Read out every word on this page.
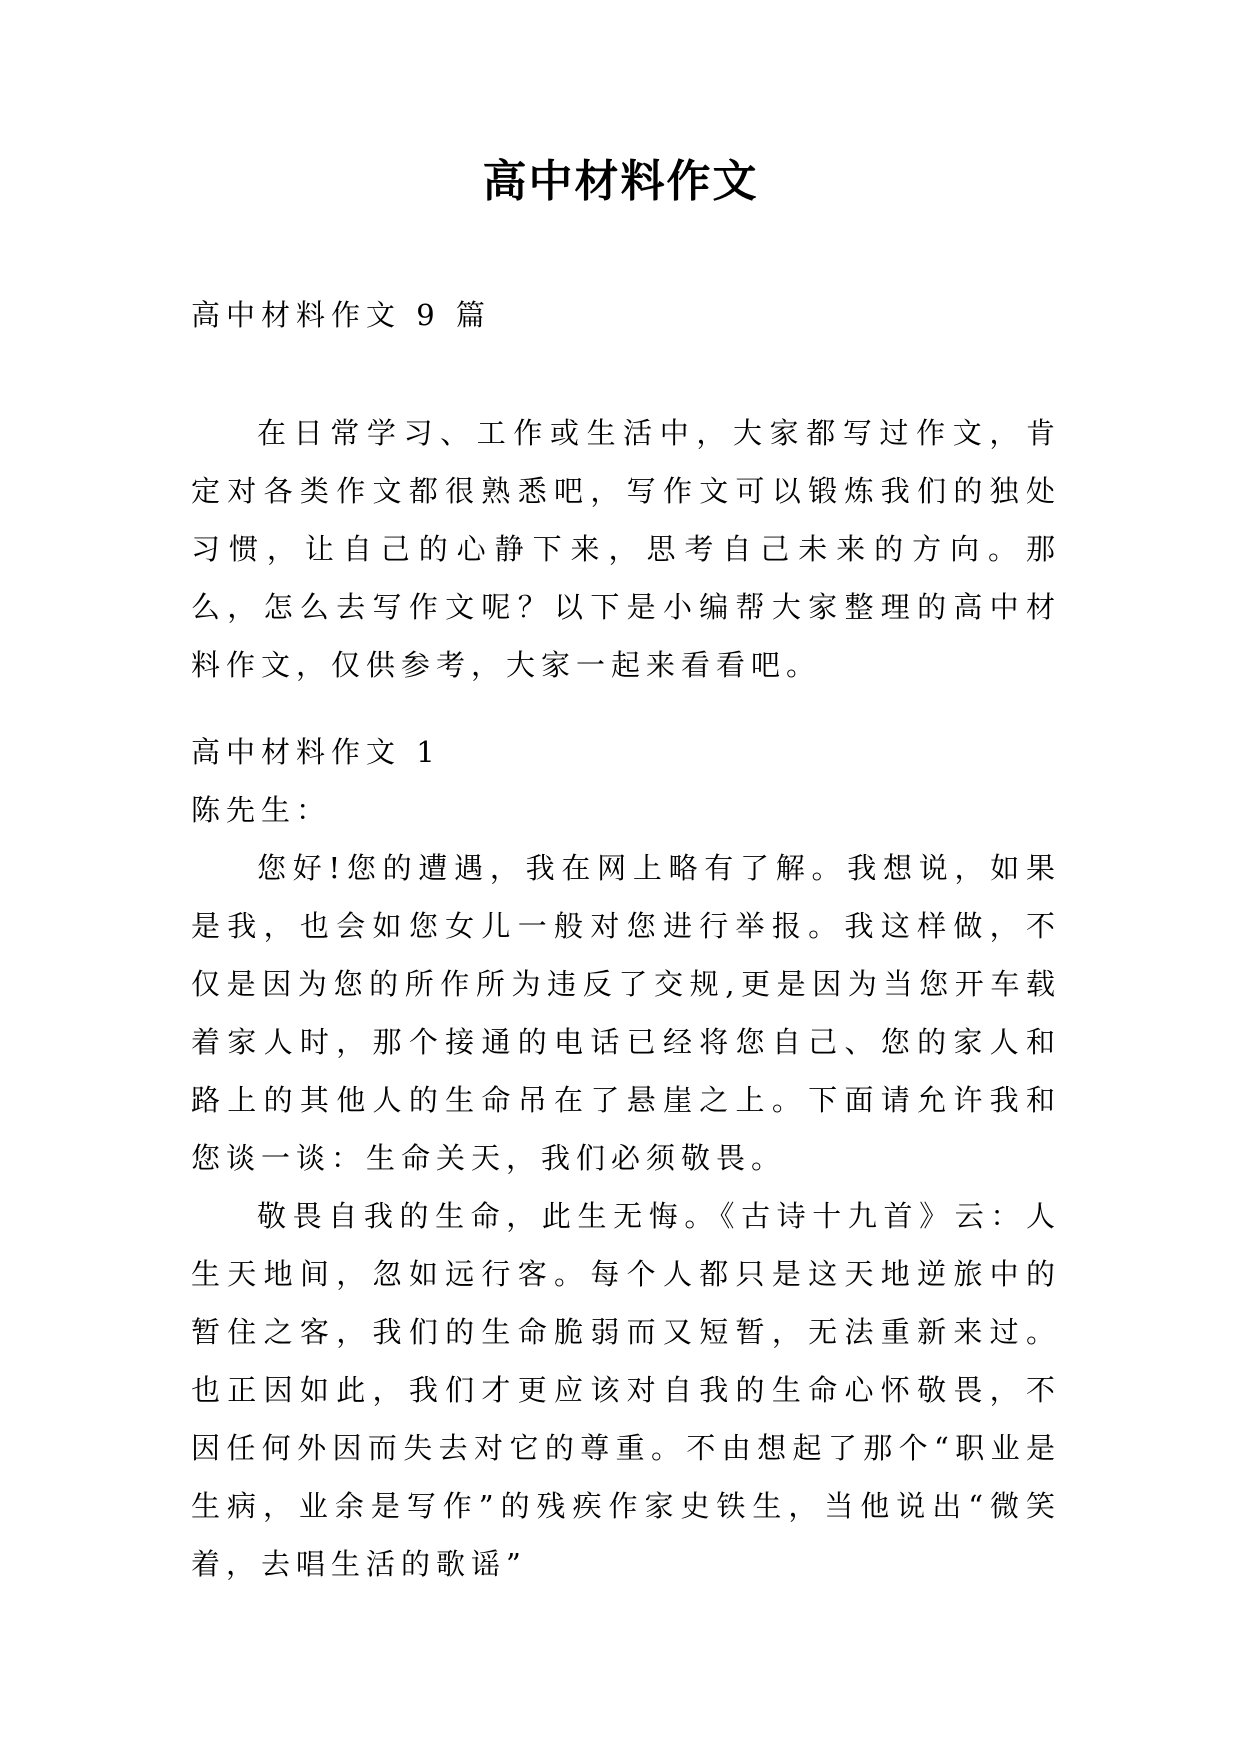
高中材料作文
高中材料作文 9 篇
在日常学习、工作或生活中，大家都写过作文，肯定对各类作文都很熟悉吧，写作文可以锻炼我们的独处习惯，让自己的心静下来，思考自己未来的方向。那么，怎么去写作文呢？以下是小编帮大家整理的高中材料作文，仅供参考，大家一起来看看吧。
高中材料作文 1
陈先生：
您好!您的遭遇，我在网上略有了解。我想说，如果是我，也会如您女儿一般对您进行举报。我这样做，不仅是因为您的所作所为违反了交规,更是因为当您开车载着家人时，那个接通的电话已经将您自己、您的家人和路上的其他人的生命吊在了悬崖之上。下面请允许我和您谈一谈：生命关天，我们必须敬畏。
敬畏自我的生命，此生无悔。《古诗十九首》云：人生天地间，忽如远行客。每个人都只是这天地逆旅中的暂住之客，我们的生命脆弱而又短暂，无法重新来过。也正因如此，我们才更应该对自我的生命心怀敬畏，不因任何外因而失去对它的尊重。不由想起了那个“职业是生病，业余是写作”的残疾作家史铁生，当他说出“微笑着，去唱生活的歌谣”
